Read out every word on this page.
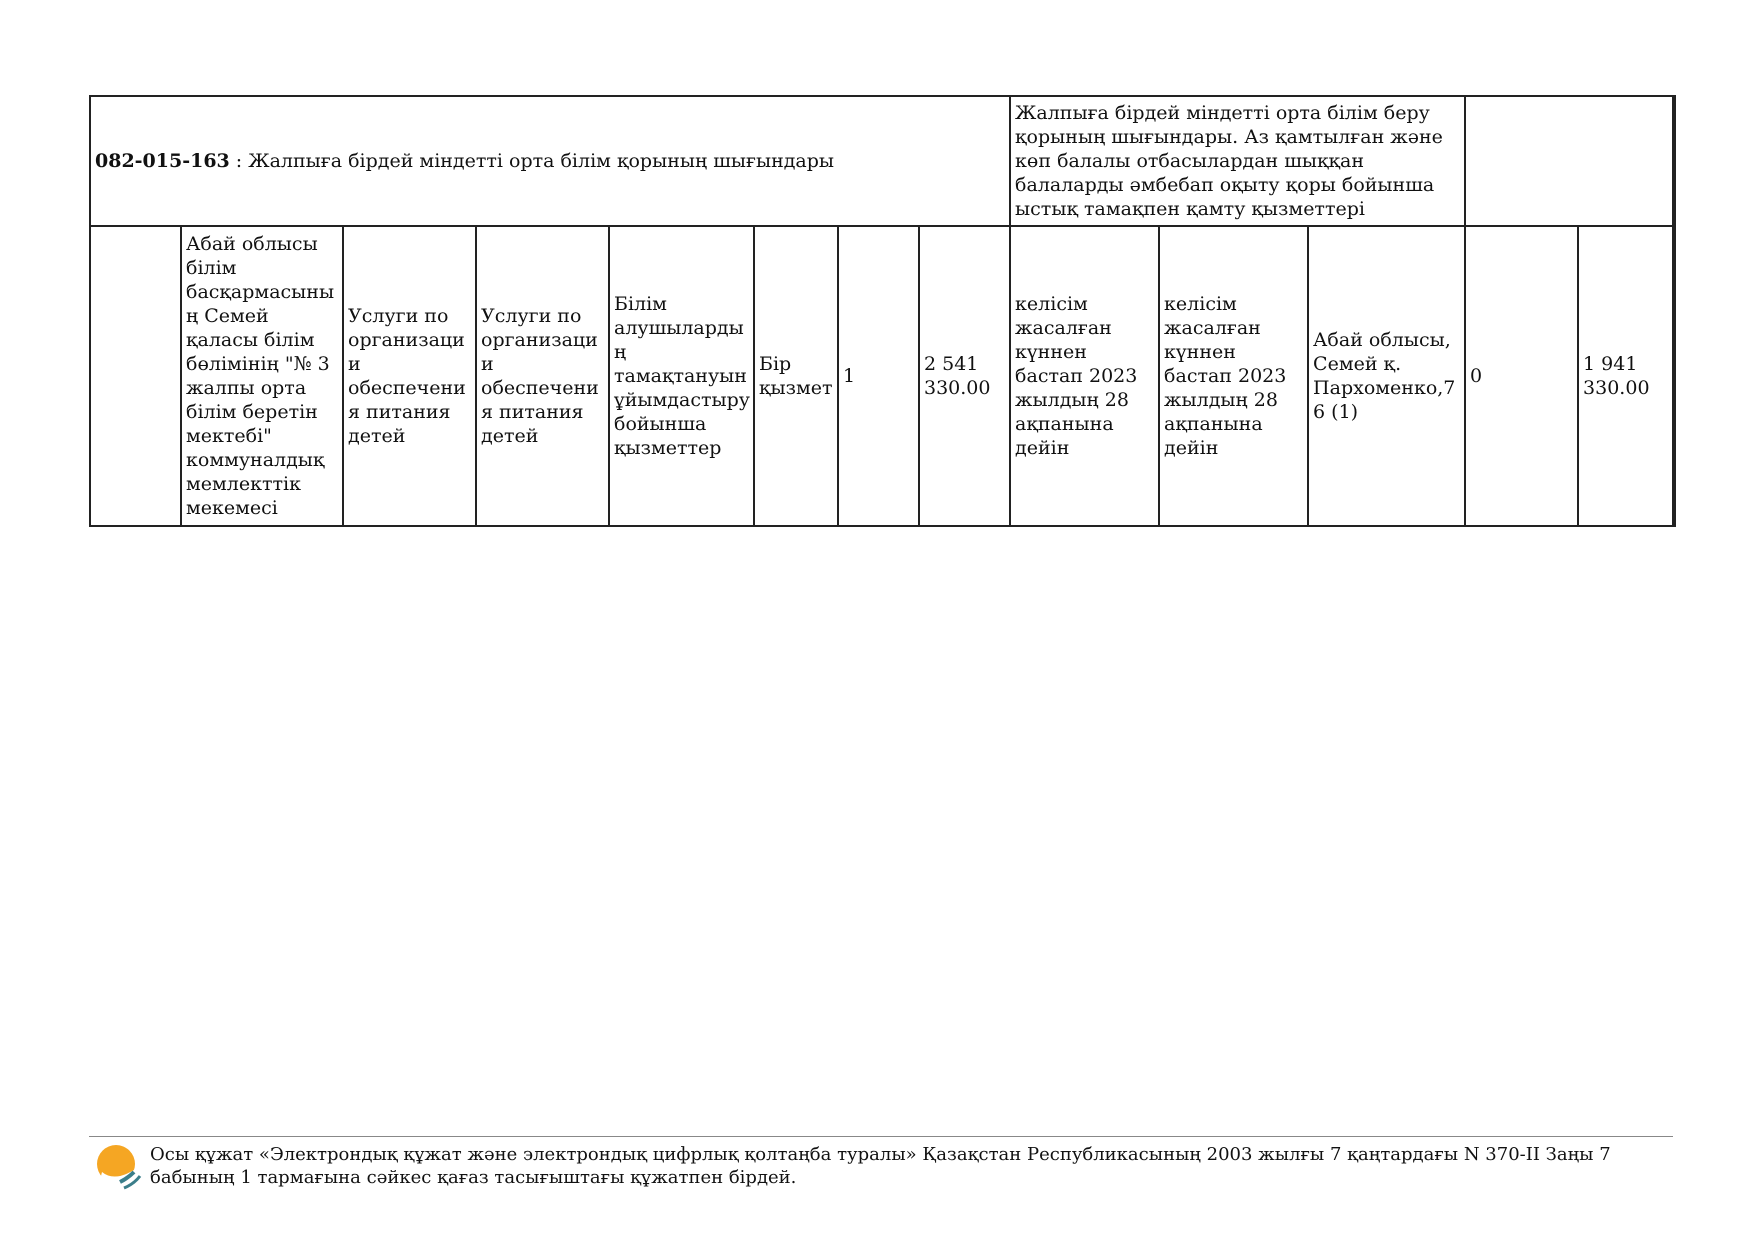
082-015-163 : Жалпыға бірдей міндетті орта білім қорының шығындары								Жалпыға бірдей міндетті орта білім беру қорының шығындары. Аз қамтылған және көп балалы отбасылардан шыққан балаларды әмбебап оқыту қоры бойынша ыстық тамақпен қамту қызметтері				
	Абай облысы білім басқармасының Семей қаласы білім бөлімінің "№ 3 жалпы орта білім беретін мектебі" коммуналдық мемлекттік мекемесі	Услуги по организации обеспечения питания детей	Услуги по организации обеспечения питания детей	Білім алушылардың тамақтануын ұйымдастыру бойынша қызметтер	Бір қызмет	1	2 541 330.00	келісім жасалған күннен бастап 2023 жылдың 28 ақпанына дейін	келісім жасалған күннен бастап 2023 жылдың 28 ақпанына дейін	Абай облысы, Семей қ. Пархоменко,76 (1)	0	1 941 330.00
Осы құжат «Электрондық құжат және электрондық цифрлық қолтаңба туралы» Қазақстан Республикасының 2003 жылғы 7 қаңтардағы N 370-II Заңы 7 бабының 1 тармағына сәйкес қағаз тасығыштағы құжатпен бірдей.
